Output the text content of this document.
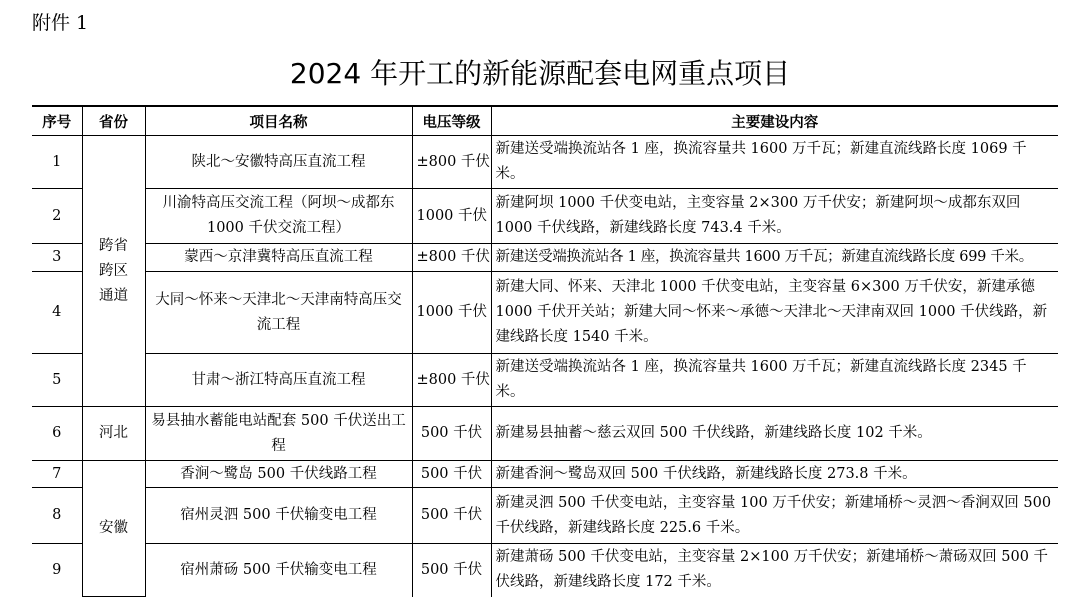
附件 1
2024 年开工的新能源配套电网重点项目
序号	省份	项目名称	电压等级	主要建设内容
1	跨省跨区通道	陕北～安徽特高压直流工程	±800 千伏	新建送受端换流站各 1 座，换流容量共 1600 万千瓦；新建直流线路长度 1069 千米。
2		川渝特高压交流工程（阿坝～成都东 1000 千伏交流工程）	1000 千伏	新建阿坝 1000 千伏变电站，主变容量 2×300 万千伏安；新建阿坝～成都东双回 1000 千伏线路，新建线路长度 743.4 千米。
3		蒙西～京津冀特高压直流工程	±800 千伏	新建送受端换流站各 1 座，换流容量共 1600 万千瓦；新建直流线路长度 699 千米。
4		大同～怀来～天津北～天津南特高压交流工程	1000 千伏	新建大同、怀来、天津北 1000 千伏变电站，主变容量 6×300 万千伏安，新建承德 1000 千伏开关站；新建大同～怀来～承德～天津北～天津南双回 1000 千伏线路，新建线路长度 1540 千米。
5		甘肃～浙江特高压直流工程	±800 千伏	新建送受端换流站各 1 座，换流容量共 1600 万千瓦；新建直流线路长度 2345 千米。
6	河北	易县抽水蓄能电站配套 500 千伏送出工程	500 千伏	新建易县抽蓄～慈云双回 500 千伏线路，新建线路长度 102 千米。
7	安徽	香涧～鹭岛 500 千伏线路工程	500 千伏	新建香涧～鹭岛双回 500 千伏线路，新建线路长度 273.8 千米。
8		宿州灵泗 500 千伏输变电工程	500 千伏	新建灵泗 500 千伏变电站，主变容量 100 万千伏安；新建埇桥～灵泗～香涧双回 500 千伏线路，新建线路长度 225.6 千米。
9		宿州萧砀 500 千伏输变电工程	500 千伏	新建萧砀 500 千伏变电站，主变容量 2×100 万千伏安；新建埇桥～萧砀双回 500 千伏线路，新建线路长度 172 千米。
